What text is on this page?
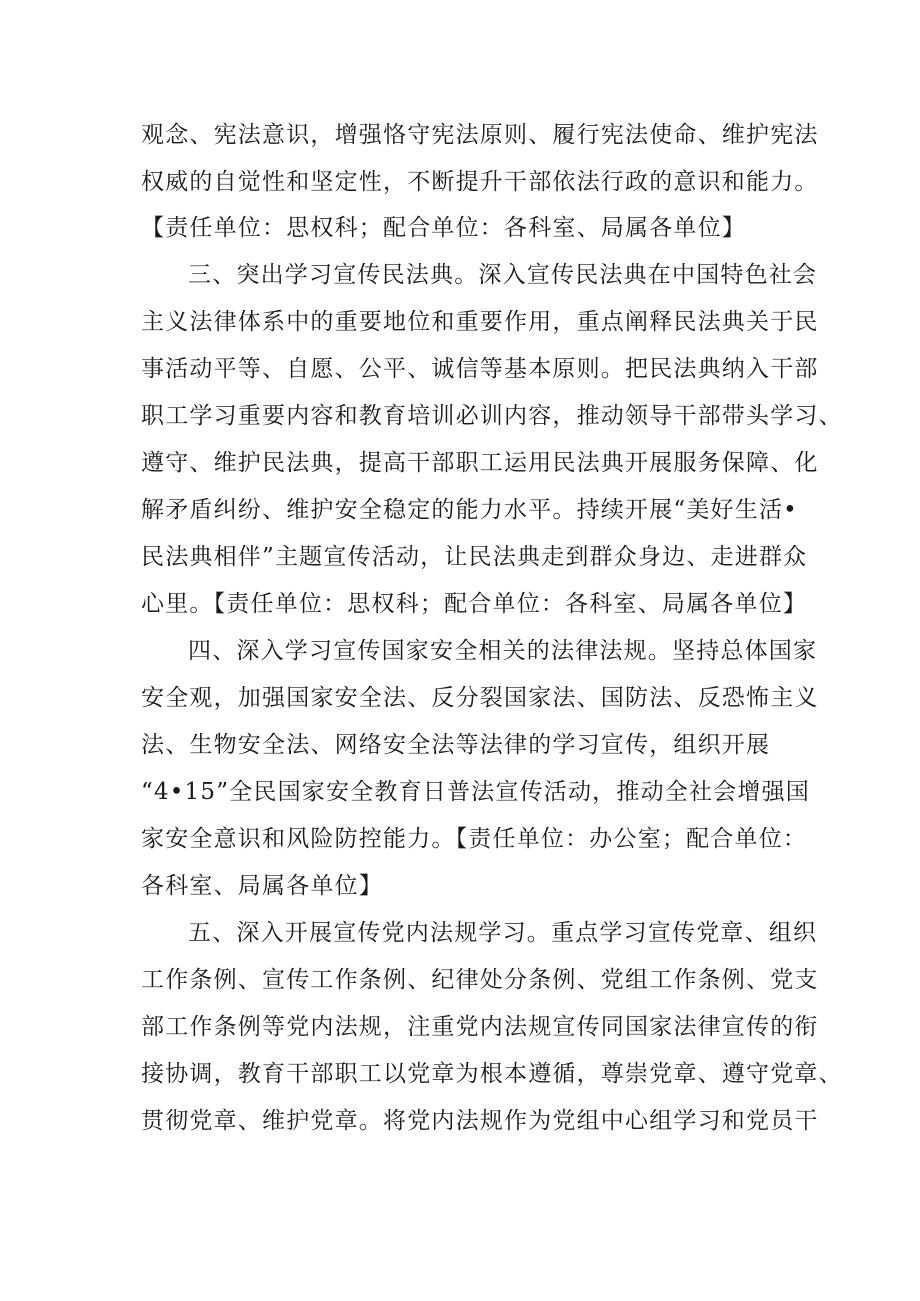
观念、宪法意识，增强恪守宪法原则、履行宪法使命、维护宪法
权威的自觉性和坚定性，不断提升干部依法行政的意识和能力。
【责任单位：思权科；配合单位：各科室、局属各单位】
三、突出学习宣传民法典。深入宣传民法典在中国特色社会
主义法律体系中的重要地位和重要作用，重点阐释民法典关于民
事活动平等、自愿、公平、诚信等基本原则。把民法典纳入干部
职工学习重要内容和教育培训必训内容，推动领导干部带头学习、
遵守、维护民法典，提高干部职工运用民法典开展服务保障、化
解矛盾纠纷、维护安全稳定的能力水平。持续开展“美好生活•
民法典相伴”主题宣传活动，让民法典走到群众身边、走进群众
心里。【责任单位：思权科；配合单位：各科室、局属各单位】
四、深入学习宣传国家安全相关的法律法规。坚持总体国家
安全观，加强国家安全法、反分裂国家法、国防法、反恐怖主义
法、生物安全法、网络安全法等法律的学习宣传，组织开展
“4•15”全民国家安全教育日普法宣传活动，推动全社会增强国
家安全意识和风险防控能力。【责任单位：办公室；配合单位：
各科室、局属各单位】
五、深入开展宣传党内法规学习。重点学习宣传党章、组织
工作条例、宣传工作条例、纪律处分条例、党组工作条例、党支
部工作条例等党内法规，注重党内法规宣传同国家法律宣传的衔
接协调，教育干部职工以党章为根本遵循，尊崇党章、遵守党章、
贯彻党章、维护党章。将党内法规作为党组中心组学习和党员干
